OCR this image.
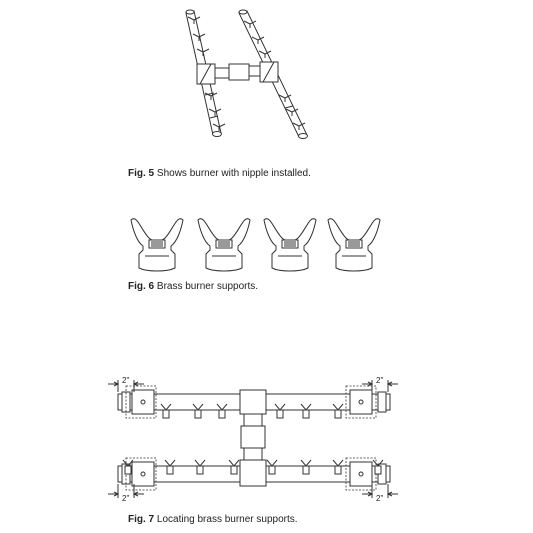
Fig. 5 Shows burner with nipple installed.
Fig. 6 Brass burner supports.
2"	2"
2"	2"
Fig. 7 Locating brass burner supports.
